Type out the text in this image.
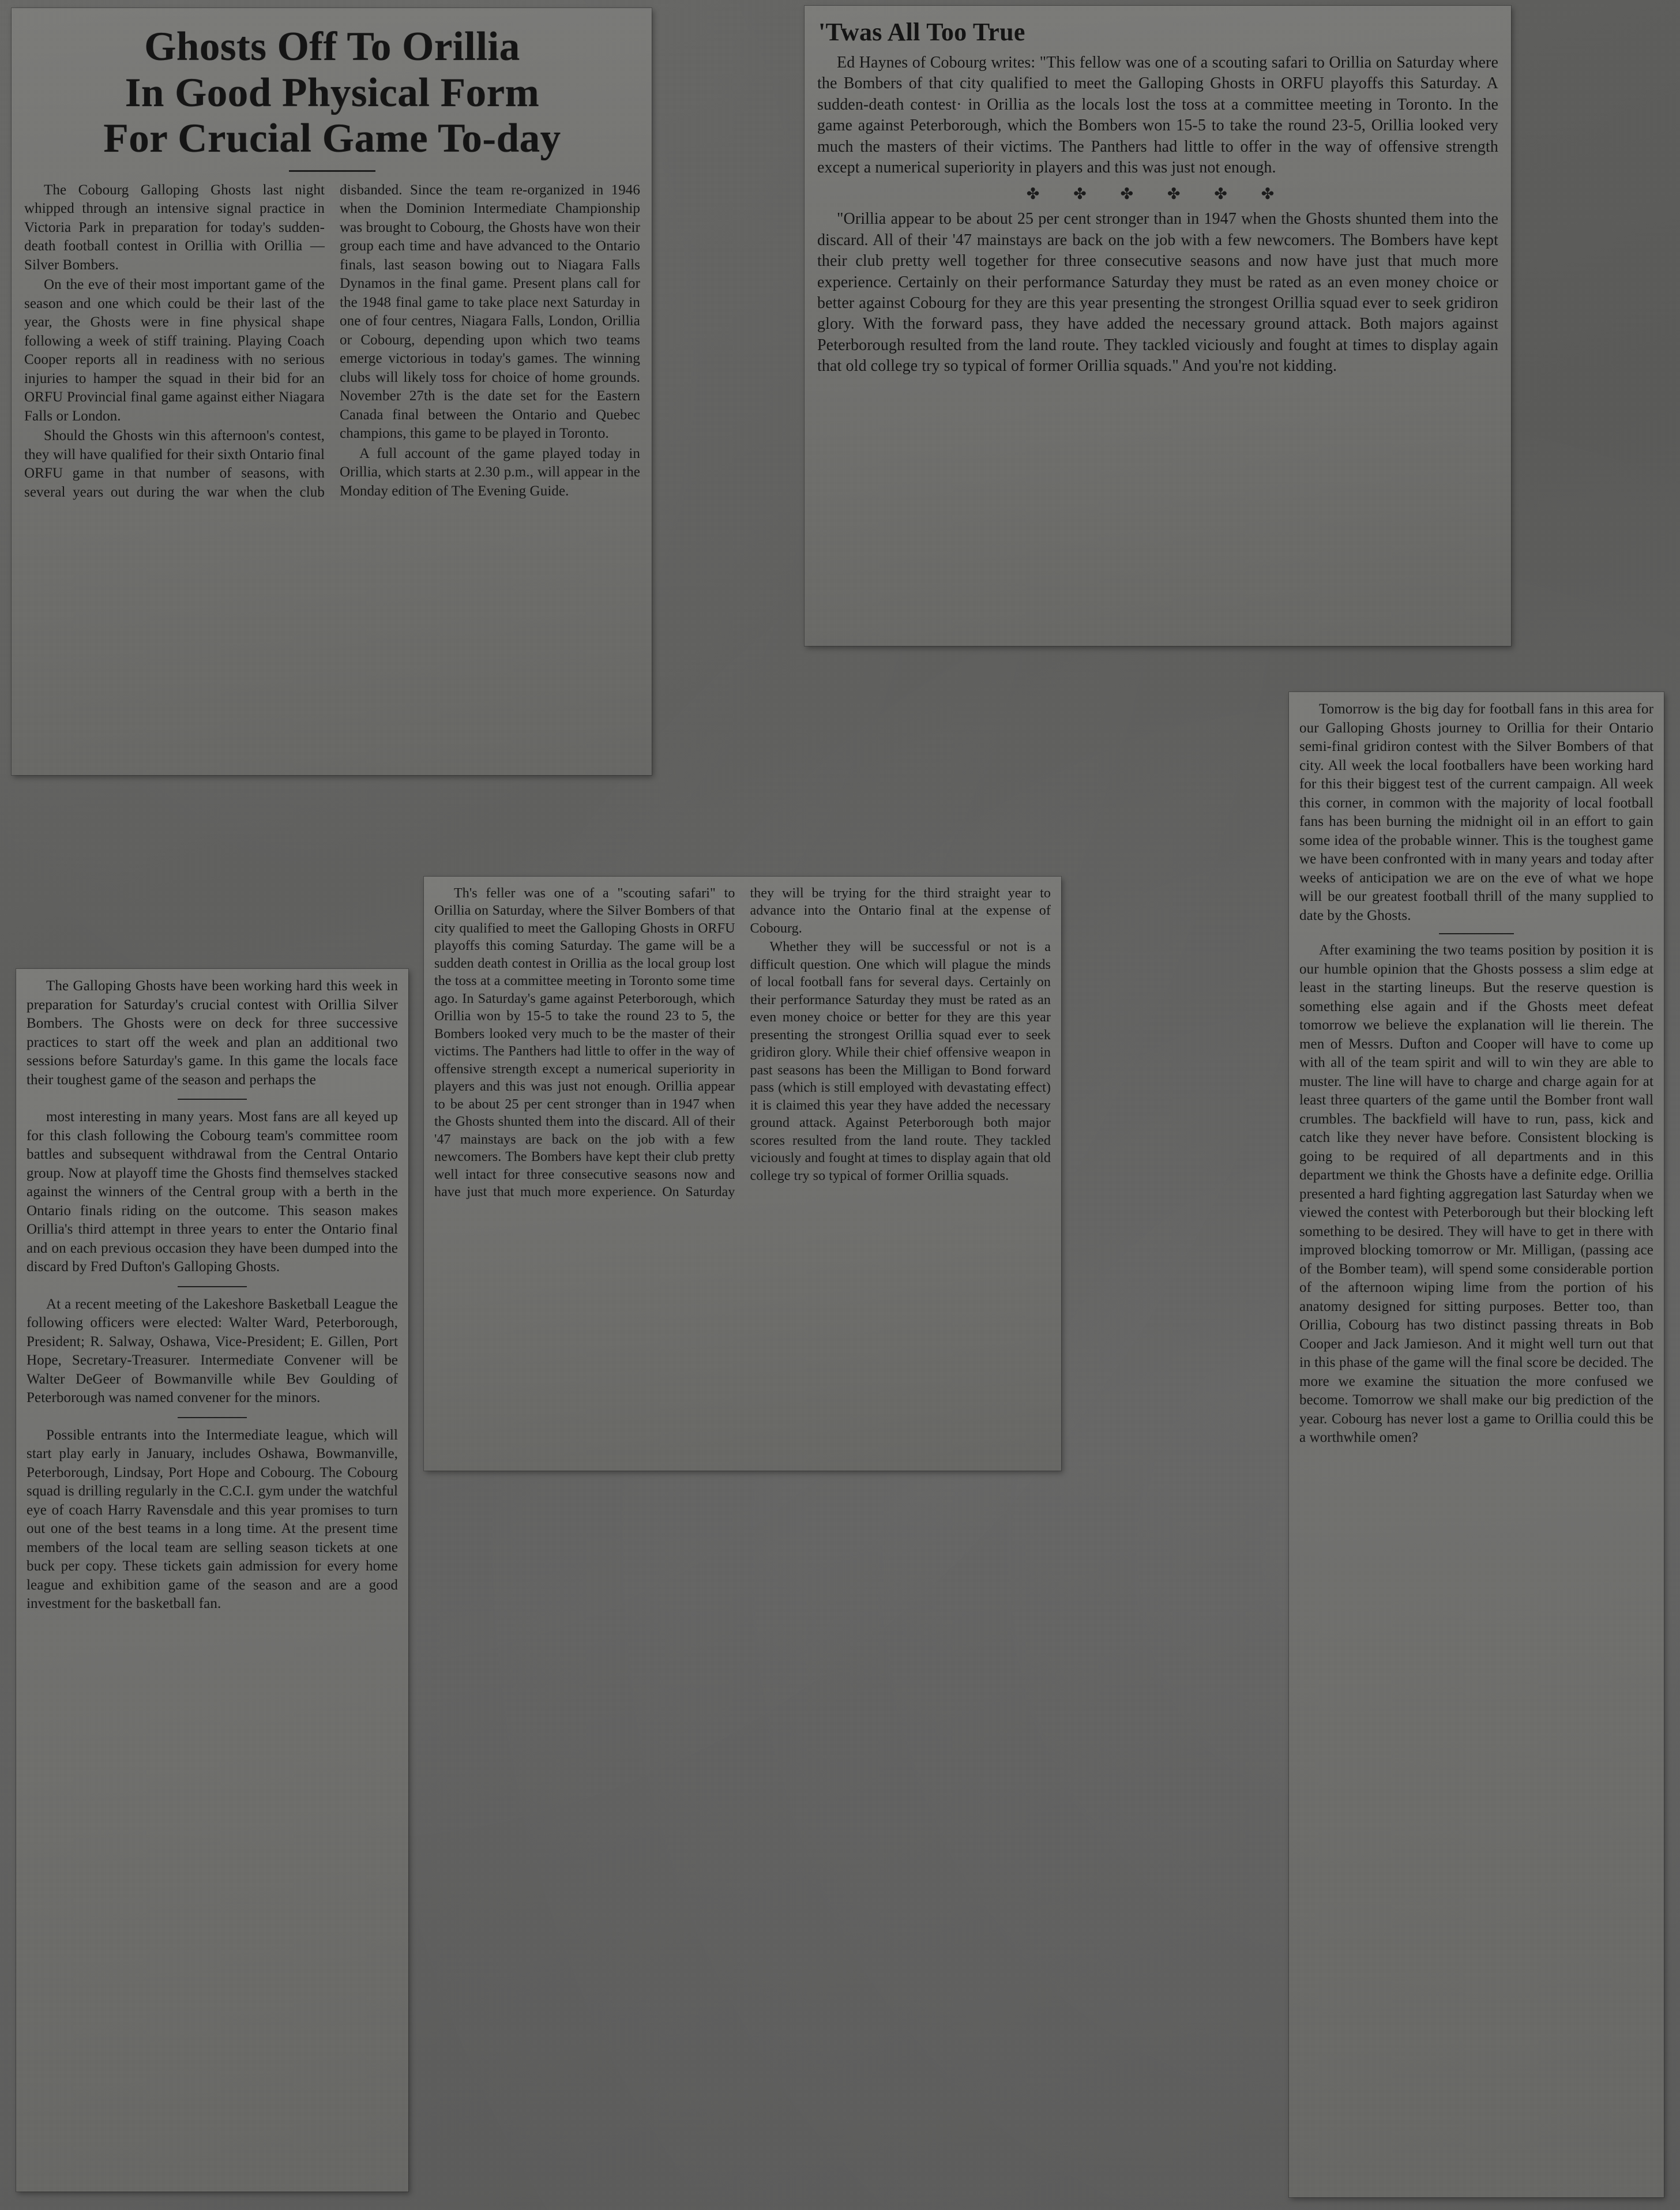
Ghosts Off To Orillia
In Good Physical Form
For Crucial Game To-day

The Cobourg Galloping Ghosts last night whipped through an intensive signal practice in Victoria Park in preparation for today's sudden-death football contest in Orillia with Orillia —Silver Bombers.

On the eve of their most important game of the season and one which could be their last of the year, the Ghosts were in fine physical shape following a week of stiff training. Playing Coach Cooper reports all in readiness with no serious injuries to hamper the squad in their bid for an ORFU Provincial final game against either Niagara Falls or London.

Should the Ghosts win this afternoon's contest, they will have qualified for their sixth Ontario final ORFU game in that number of seasons, with several years out during the war when the club disbanded. Since the team re-organized in 1946 when the Dominion Intermediate Championship was brought to Cobourg, the Ghosts have won their group each time and have advanced to the Ontario finals, last season bowing out to Niagara Falls Dynamos in the final game. Present plans call for the 1948 final game to take place next Saturday in one of four centres, Niagara Falls, London, Orillia or Cobourg, depending upon which two teams emerge victorious in today's games. The winning clubs will likely toss for choice of home grounds. November 27th is the date set for the Eastern Canada final between the Ontario and Quebec champions, this game to be played in Toronto.

A full account of the game played today in Orillia, which starts at 2.30 p.m., will appear in the Monday edition of The Evening Guide.

'Twas All Too True

Ed Haynes of Cobourg writes: "This fellow was one of a scouting safari to Orillia on Saturday where the Bombers of that city qualified to meet the Galloping Ghosts in ORFU playoffs this Saturday. A sudden-death contest· in Orillia as the locals lost the toss at a committee meeting in Toronto. In the game against Peterborough, which the Bombers won 15-5 to take the round 23-5, Orillia looked very much the masters of their victims. The Panthers had little to offer in the way of offensive strength except a numerical superiority in players and this was just not enough.

✤ ✤ ✤ ✤ ✤ ✤

"Orillia appear to be about 25 per cent stronger than in 1947 when the Ghosts shunted them into the discard. All of their '47 mainstays are back on the job with a few newcomers. The Bombers have kept their club pretty well together for three consecutive seasons and now have just that much more experience. Certainly on their performance Saturday they must be rated as an even money choice or better against Cobourg for they are this year presenting the strongest Orillia squad ever to seek gridiron glory. With the forward pass, they have added the necessary ground attack. Both majors against Peterborough resulted from the land route. They tackled viciously and fought at times to display again that old college try so typical of former Orillia squads." And you're not kidding.

The Galloping Ghosts have been working hard this week in preparation for Saturday's crucial contest with Orillia Silver Bombers. The Ghosts were on deck for three successive practices to start off the week and plan an additional two sessions before Saturday's game. In this game the locals face their toughest game of the season and perhaps the

most interesting in many years. Most fans are all keyed up for this clash following the Cobourg team's committee room battles and subsequent withdrawal from the Central Ontario group. Now at playoff time the Ghosts find themselves stacked against the winners of the Central group with a berth in the Ontario finals riding on the outcome. This season makes Orillia's third attempt in three years to enter the Ontario final and on each previous occasion they have been dumped into the discard by Fred Dufton's Galloping Ghosts.

At a recent meeting of the Lakeshore Basketball League the following officers were elected: Walter Ward, Peterborough, President; R. Salway, Oshawa, Vice-President; E. Gillen, Port Hope, Secretary-Treasurer. Intermediate Convener will be Walter DeGeer of Bowmanville while Bev Goulding of Peterborough was named convener for the minors.

Possible entrants into the Intermediate league, which will start play early in January, includes Oshawa, Bowmanville, Peterborough, Lindsay, Port Hope and Cobourg. The Cobourg squad is drilling regularly in the C.C.I. gym under the watchful eye of coach Harry Ravensdale and this year promises to turn out one of the best teams in a long time. At the present time members of the local team are selling season tickets at one buck per copy. These tickets gain admission for every home league and exhibition game of the season and are a good investment for the basketball fan.

Th's feller was one of a "scouting safari" to Orillia on Saturday, where the Silver Bombers of that city qualified to meet the Galloping Ghosts in ORFU playoffs this coming Saturday. The game will be a sudden death contest in Orillia as the local group lost the toss at a committee meeting in Toronto some time ago. In Saturday's game against Peterborough, which Orillia won by 15-5 to take the round 23 to 5, the Bombers looked very much to be the master of their victims. The Panthers had little to offer in the way of offensive strength except a numerical superiority in players and this was just not enough. Orillia appear to be about 25 per cent stronger than in 1947 when the Ghosts shunted them into the discard. All of their '47 mainstays are back on the job with a few newcomers. The Bombers have kept their club pretty well intact for three consecutive seasons now and have just that much more experience. On Saturday they will be trying for the third straight year to advance into the Ontario final at the expense of Cobourg.

Whether they will be successful or not is a difficult question. One which will plague the minds of local football fans for several days. Certainly on their performance Saturday they must be rated as an even money choice or better for they are this year presenting the strongest Orillia squad ever to seek gridiron glory. While their chief offensive weapon in past seasons has been the Milligan to Bond forward pass (which is still employed with devastating effect) it is claimed this year they have added the necessary ground attack. Against Peterborough both major scores resulted from the land route. They tackled viciously and fought at times to display again that old college try so typical of former Orillia squads.

Tomorrow is the big day for football fans in this area for our Galloping Ghosts journey to Orillia for their Ontario semi-final gridiron contest with the Silver Bombers of that city. All week the local footballers have been working hard for this their biggest test of the current campaign. All week this corner, in common with the majority of local football fans has been burning the midnight oil in an effort to gain some idea of the probable winner. This is the toughest game we have been confronted with in many years and today after weeks of anticipation we are on the eve of what we hope will be our greatest football thrill of the many supplied to date by the Ghosts.

After examining the two teams position by position it is our humble opinion that the Ghosts possess a slim edge at least in the starting lineups. But the reserve question is something else again and if the Ghosts meet defeat tomorrow we believe the explanation will lie therein. The men of Messrs. Dufton and Cooper will have to come up with all of the team spirit and will to win they are able to muster. The line will have to charge and charge again for at least three quarters of the game until the Bomber front wall crumbles. The backfield will have to run, pass, kick and catch like they never have before. Consistent blocking is going to be required of all departments and in this department we think the Ghosts have a definite edge. Orillia presented a hard fighting aggregation last Saturday when we viewed the contest with Peterborough but their blocking left something to be desired. They will have to get in there with improved blocking tomorrow or Mr. Milligan, (passing ace of the Bomber team), will spend some considerable portion of the afternoon wiping lime from the portion of his anatomy designed for sitting purposes. Better too, than Orillia, Cobourg has two distinct passing threats in Bob Cooper and Jack Jamieson. And it might well turn out that in this phase of the game will the final score be decided. The more we examine the situation the more confused we become. Tomorrow we shall make our big prediction of the year. Cobourg has never lost a game to Orillia could this be a worthwhile omen?
